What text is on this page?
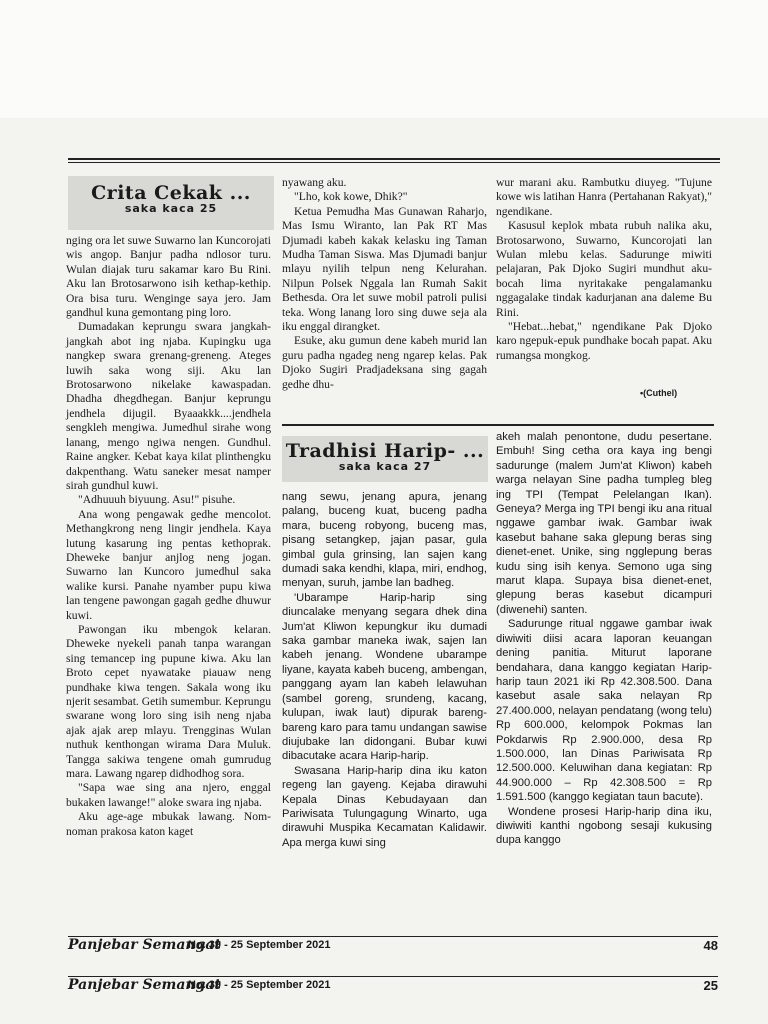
Crita Cekak ...
saka kaca 25

nging ora let suwe Suwarno lan Kuncorojati wis angop. Banjur padha ndlosor turu. Wulan diajak turu sakamar karo Bu Rini. Aku lan Brotosarwono isih kethap-kethip. Ora bisa turu. Wenginge saya jero. Jam gandhul kuna gemontang ping loro.

Dumadakan keprungu swara jangkah-jangkah abot ing njaba. Kupingku uga nangkep swara grenang-greneng. Ateges luwih saka wong siji. Aku lan Brotosarwono nikelake kawaspadan. Dhadha dhegdhegan. Banjur keprungu jendhela dijugil. Byaaakkk....jendhela sengkleh mengiwa. Jumedhul sirahe wong lanang, mengo ngiwa nengen. Gundhul. Raine angker. Kebat kaya kilat plinthengku dakpenthang. Watu saneker mesat namper sirah gundhul kuwi.

"Adhuuuh biyuung. Asu!" pisuhe.

Ana wong pengawak gedhe mencolot. Methangkrong neng lingir jendhela. Kaya lutung kasarung ing pentas kethoprak. Dheweke banjur anjlog neng jogan. Suwarno lan Kuncoro jumedhul saka walike kursi. Panahe nyamber pupu kiwa lan tengene pawongan gagah gedhe dhuwur kuwi.

Pawongan iku mbengok kelaran. Dheweke nyekeli panah tanpa warangan sing temancep ing pupune kiwa. Aku lan Broto cepet nyawatake piauaw neng pundhake kiwa tengen. Sakala wong iku njerit sesambat. Getih sumembur. Keprungu swarane wong loro sing isih neng njaba ajak ajak arep mlayu. Trengginas Wulan nuthuk kenthongan wirama Dara Muluk. Tangga sakiwa tengene omah gumrudug mara. Lawang ngarep didhodhog sora.

"Sapa wae sing ana njero, enggal bukaken lawange!" aloke swara ing njaba.

Aku age-age mbukak lawang. Nom-noman prakosa katon kaget

nyawang aku.

"Lho, kok kowe, Dhik?"

Ketua Pemudha Mas Gunawan Raharjo, Mas Ismu Wiranto, lan Pak RT Mas Djumadi kabeh kakak kelasku ing Taman Mudha Taman Siswa. Mas Djumadi banjur mlayu nyilih telpun neng Kelurahan. Nilpun Polsek Nggala lan Rumah Sakit Bethesda. Ora let suwe mobil patroli pulisi teka. Wong lanang loro sing duwe seja ala iku enggal dirangket.

Esuke, aku gumun dene kabeh murid lan guru padha ngadeg neng ngarep kelas. Pak Djoko Sugiri Pradjadeksana sing gagah gedhe dhu-

wur marani aku. Rambutku diuyeg. "Tujune kowe wis latihan Hanra (Pertahanan Rakyat)," ngendikane.

Kasusul keplok mbata rubuh nalika aku, Brotosarwono, Suwarno, Kuncorojati lan Wulan mlebu kelas. Sadurunge miwiti pelajaran, Pak Djoko Sugiri mundhut aku-bocah lima nyritakake pengalamanku nggagalake tindak kadurjanan ana daleme Bu Rini.

"Hebat...hebat," ngendikane Pak Djoko karo ngepuk-epuk pundhake bocah papat. Aku rumangsa mongkog.

•(Cuthel)
Tradhisi Harip- ...
saka kaca 27

nang sewu, jenang apura, jenang palang, buceng kuat, buceng padha mara, buceng robyong, buceng mas, pisang setangkep, jajan pasar, gula gimbal gula grinsing, lan sajen kang dumadi saka kendhi, klapa, miri, endhog, menyan, suruh, jambe lan badheg.

'Ubarampe Harip-harip sing diuncalake menyang segara dhek dina Jum'at Kliwon kepungkur iku dumadi saka gambar maneka iwak, sajen lan kabeh jenang. Wondene ubarampe liyane, kayata kabeh buceng, ambengan, panggang ayam lan kabeh lelawuhan (sambel goreng, srundeng, kacang, kulupan, iwak laut) dipurak bareng-bareng karo para tamu undangan sawise diujubake lan didongani. Bubar kuwi dibacutake acara Harip-harip.

Swasana Harip-harip dina iku katon regeng lan gayeng. Kejaba dirawuhi Kepala Dinas Kebudayaan dan Pariwisata Tulungagung Winarto, uga dirawuhi Muspika Kecamatan Kalidawir. Apa merga kuwi sing

akeh malah penontone, dudu pesertane. Embuh! Sing cetha ora kaya ing bengi sadurunge (malem Jum'at Kliwon) kabeh warga nelayan Sine padha tumpleg bleg ing TPI (Tempat Pelelangan Ikan). Geneya? Merga ing TPI bengi iku ana ritual nggawe gambar iwak. Gambar iwak kasebut bahane saka glepung beras sing dienet-enet. Unike, sing ngglepung beras kudu sing isih kenya. Semono uga sing marut klapa. Supaya bisa dienet-enet, glepung beras kasebut dicampuri (diwenehi) santen.

Sadurunge ritual nggawe gambar iwak diwiwiti diisi acara laporan keuangan dening panitia. Miturut laporane bendahara, dana kanggo kegiatan Harip-harip taun 2021 iki Rp 42.308.500. Dana kasebut asale saka nelayan Rp 27.400.000, nelayan pendatang (wong telu) Rp 600.000, kelompok Pokmas lan Pokdarwis Rp 2.900.000, desa Rp 1.500.000, lan Dinas Pariwisata Rp 12.500.000. Keluwihan dana kegiatan: Rp 44.900.000 – Rp 42.308.500 = Rp 1.591.500 (kanggo kegiatan taun bacute).

Wondene prosesi Harip-harip dina iku, diwiwiti kanthi ngobong sesaji kukusing dupa kanggo

Panjebar Semangat
No. 39 - 25 September 2021	48
Panjebar Semangat
No. 39 - 25 September 2021	25
